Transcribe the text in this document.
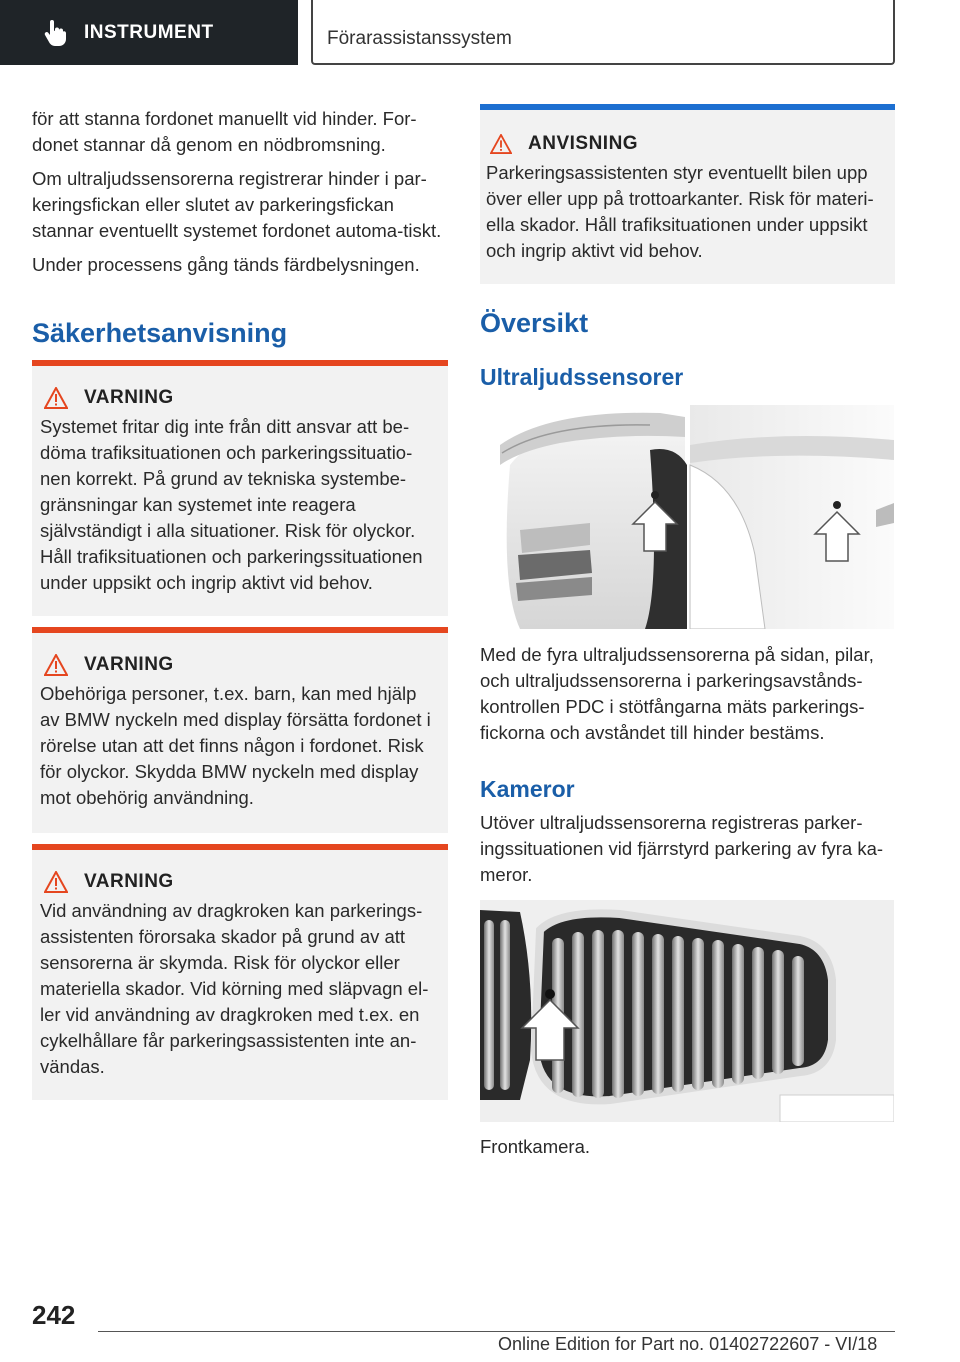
INSTRUMENT	Förarassistanssystem

för att stanna fordonet manuellt vid hinder. For-donet stannar då genom en nödbromsning.

Om ultraljudssensorerna registrerar hinder i par-keringsfickan eller slutet av parkeringsfickan stannar eventuellt systemet fordonet automa-tiskt.

Under processens gång tänds färdbelysningen.

Säkerhetsanvisning
VARNING
Systemet fritar dig inte från ditt ansvar att be-döma trafiksituationen och parkeringssituatio-nen korrekt. På grund av tekniska systembe-gränsningar kan systemet inte reagera självständigt i alla situationer. Risk för olyckor. Håll trafiksituationen och parkeringssituationen under uppsikt och ingrip aktivt vid behov.
VARNING
Obehöriga personer, t.ex. barn, kan med hjälp av BMW nyckeln med display försätta fordonet i rörelse utan att det finns någon i fordonet. Risk för olyckor. Skydda BMW nyckeln med display mot obehörig användning.
VARNING
Vid användning av dragkroken kan parkerings-assistenten förorsaka skador på grund av att sensorerna är skymda. Risk för olyckor eller materiella skador. Vid körning med släpvagn el-ler vid användning av dragkroken med t.ex. en cykelhållare får parkeringsassistenten inte an-vändas.
ANVISNING
Parkeringsassistenten styr eventuellt bilen upp över eller upp på trottoarkanter. Risk för materi-ella skador. Håll trafiksituationen under uppsikt och ingrip aktivt vid behov.
Översikt
Ultraljudssensorer

Med de fyra ultraljudssensorerna på sidan, pilar, och ultraljudssensorerna i parkeringsavstånds-kontrollen PDC i stötfångarna mäts parkerings-fickorna och avståndet till hinder bestäms.

Kameror

Utöver ultraljudssensorerna registreras parker-ingssituationen vid fjärrstyrd parkering av fyra ka-meror.

Frontkamera.

242
Online Edition for Part no. 01402722607 - VI/18
